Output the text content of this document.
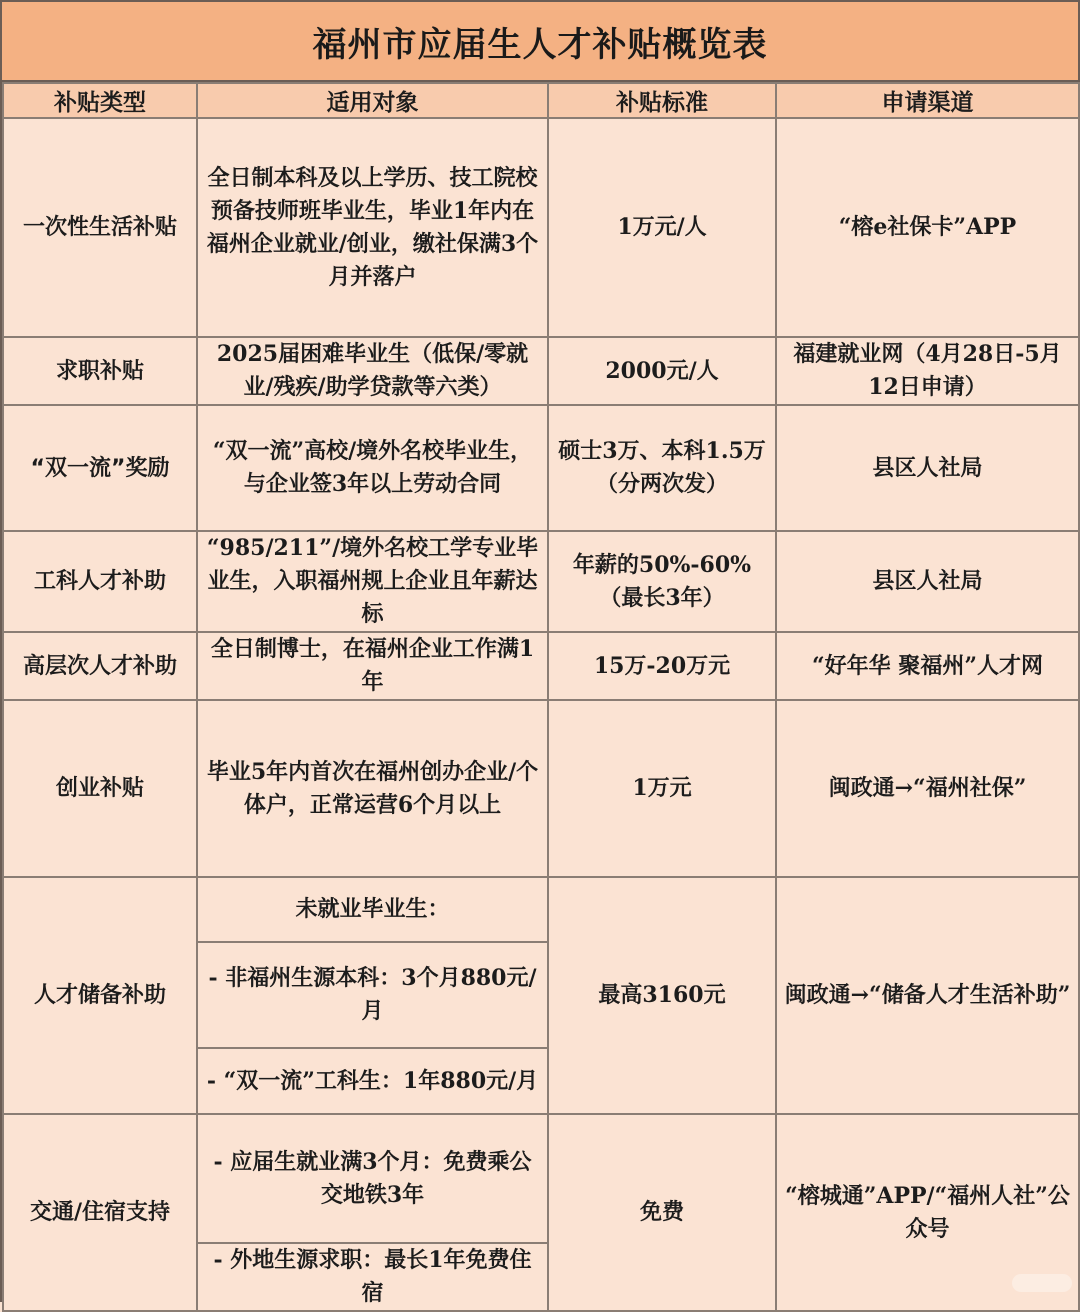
福州市应届生人才补贴概览表
补贴类型	适用对象	补贴标准	申请渠道
一次性生活补贴	全日制本科及以上学历、技工院校预备技师班毕业生，毕业1年内在福州企业就业/创业，缴社保满3个月并落户	1万元/人	“榕e社保卡”APP
求职补贴	2025届困难毕业生（低保/零就业/残疾/助学贷款等六类）	2000元/人	福建就业网（4月28日-5月12日申请）
“双一流”奖励	“双一流”高校/境外名校毕业生，与企业签3年以上劳动合同	硕士3万、本科1.5万（分两次发）	县区人社局
工科人才补助	“985/211”/境外名校工学专业毕业生，入职福州规上企业且年薪达标	年薪的50%-60%（最长3年）	县区人社局
高层次人才补助	全日制博士，在福州企业工作满1年	15万-20万元	“好年华 聚福州”人才网
创业补贴	毕业5年内首次在福州创办企业/个体户，正常运营6个月以上	1万元	闽政通→“福州社保”
人才储备补助	未就业毕业生：	最高3160元	闽政通→“储备人才生活补助”
	- 非福州生源本科：3个月880元/月		
	- “双一流”工科生：1年880元/月		
交通/住宿支持	- 应届生就业满3个月：免费乘公交地铁3年	免费	“榕城通”APP/“福州人社”公众号
	- 外地生源求职：最长1年免费住宿		
